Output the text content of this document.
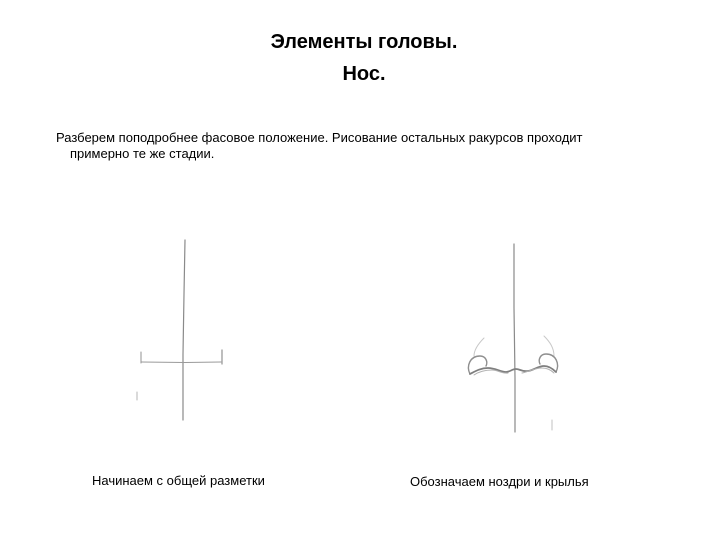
Элементы головы.
Нос.

Разберем поподробнее фасовое положение. Рисование остальных ракурсов проходит
примерно те же стадии.

Начинаем с общей разметки	Обозначаем ноздри и крылья
